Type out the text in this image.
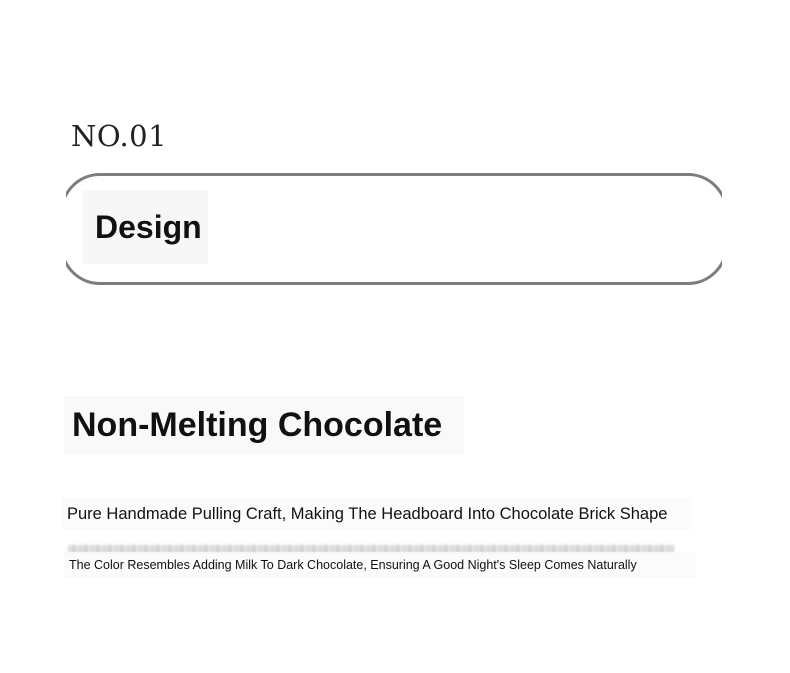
NO.01
Design
Non-Melting Chocolate
Pure Handmade Pulling Craft, Making The Headboard Into Chocolate Brick Shape
The Color Resembles Adding Milk To Dark Chocolate, Ensuring A Good Night's Sleep Comes Naturally
